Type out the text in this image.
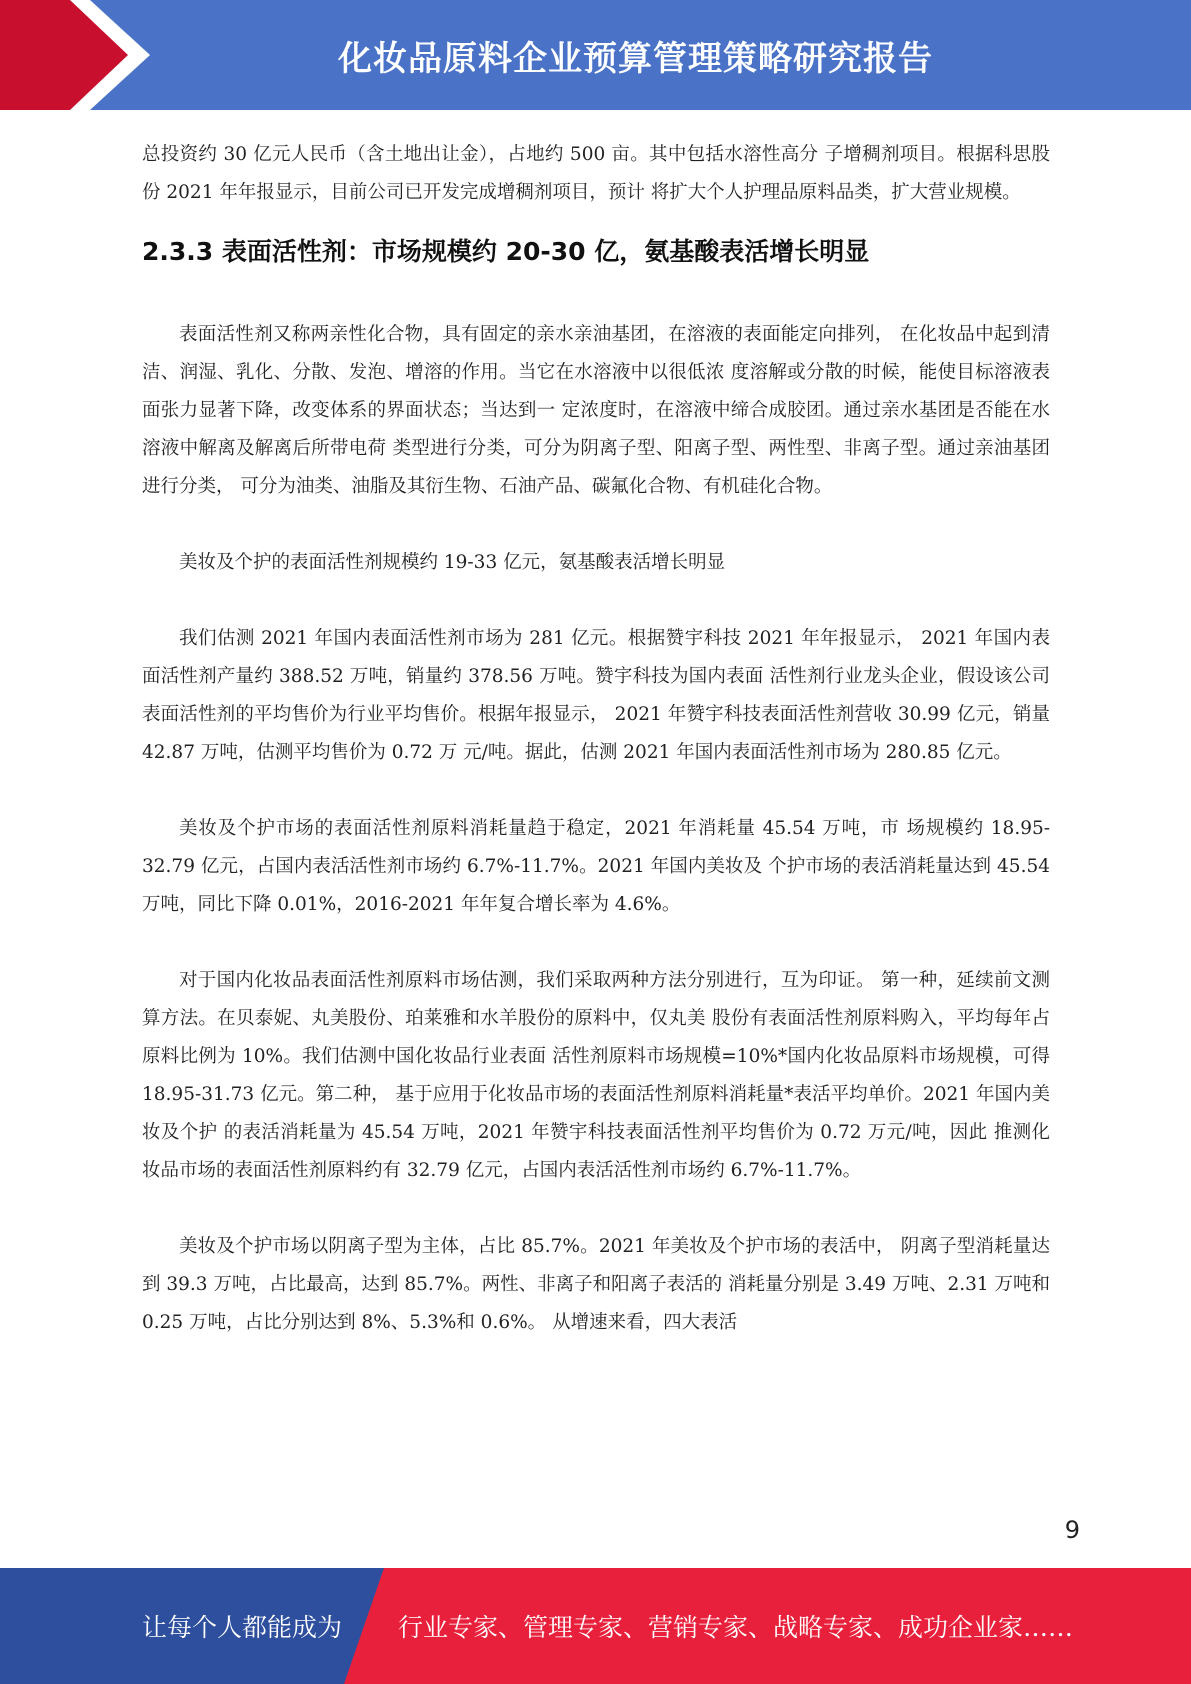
化妆品原料企业预算管理策略研究报告

总投资约 30 亿元人民币（含土地出让金），占地约 500 亩。其中包括水溶性高分 子增稠剂项目。根据科思股份 2021 年年报显示，目前公司已开发完成增稠剂项目，预计 将扩大个人护理品原料品类，扩大营业规模。

2.3.3 表面活性剂：市场规模约 20-30 亿，氨基酸表活增长明显

表面活性剂又称两亲性化合物，具有固定的亲水亲油基团，在溶液的表面能定向排列， 在化妆品中起到清洁、润湿、乳化、分散、发泡、增溶的作用。当它在水溶液中以很低浓 度溶解或分散的时候，能使目标溶液表面张力显著下降，改变体系的界面状态；当达到一 定浓度时，在溶液中缔合成胶团。通过亲水基团是否能在水溶液中解离及解离后所带电荷 类型进行分类，可分为阴离子型、阳离子型、两性型、非离子型。通过亲油基团进行分类， 可分为油类、油脂及其衍生物、石油产品、碳氟化合物、有机硅化合物。

美妆及个护的表面活性剂规模约 19-33 亿元，氨基酸表活增长明显

我们估测 2021 年国内表面活性剂市场为 281 亿元。根据赞宇科技 2021 年年报显示， 2021 年国内表面活性剂产量约 388.52 万吨，销量约 378.56 万吨。赞宇科技为国内表面 活性剂行业龙头企业，假设该公司表面活性剂的平均售价为行业平均售价。根据年报显示， 2021 年赞宇科技表面活性剂营收 30.99 亿元，销量 42.87 万吨，估测平均售价为 0.72 万 元/吨。据此，估测 2021 年国内表面活性剂市场为 280.85 亿元。

美妆及个护市场的表面活性剂原料消耗量趋于稳定，2021 年消耗量 45.54 万吨，市 场规模约 18.95-32.79 亿元，占国内表活活性剂市场约 6.7%-11.7%。2021 年国内美妆及 个护市场的表活消耗量达到 45.54 万吨，同比下降 0.01%，2016-2021 年年复合增长率为 4.6%。

对于国内化妆品表面活性剂原料市场估测，我们采取两种方法分别进行，互为印证。 第一种，延续前文测算方法。在贝泰妮、丸美股份、珀莱雅和水羊股份的原料中，仅丸美 股份有表面活性剂原料购入，平均每年占原料比例为 10%。我们估测中国化妆品行业表面 活性剂原料市场规模=10%*国内化妆品原料市场规模，可得 18.95-31.73 亿元。第二种， 基于应用于化妆品市场的表面活性剂原料消耗量*表活平均单价。2021 年国内美妆及个护 的表活消耗量为 45.54 万吨，2021 年赞宇科技表面活性剂平均售价为 0.72 万元/吨，因此 推测化妆品市场的表面活性剂原料约有 32.79 亿元，占国内表活活性剂市场约 6.7%-11.7%。

美妆及个护市场以阴离子型为主体，占比 85.7%。2021 年美妆及个护市场的表活中， 阴离子型消耗量达到 39.3 万吨，占比最高，达到 85.7%。两性、非离子和阳离子表活的 消耗量分别是 3.49 万吨、2.31 万吨和 0.25 万吨，占比分别达到 8%、5.3%和 0.6%。 从增速来看，四大表活

9
让每个人都能成为 行业专家、管理专家、营销专家、战略专家、成功企业家……
